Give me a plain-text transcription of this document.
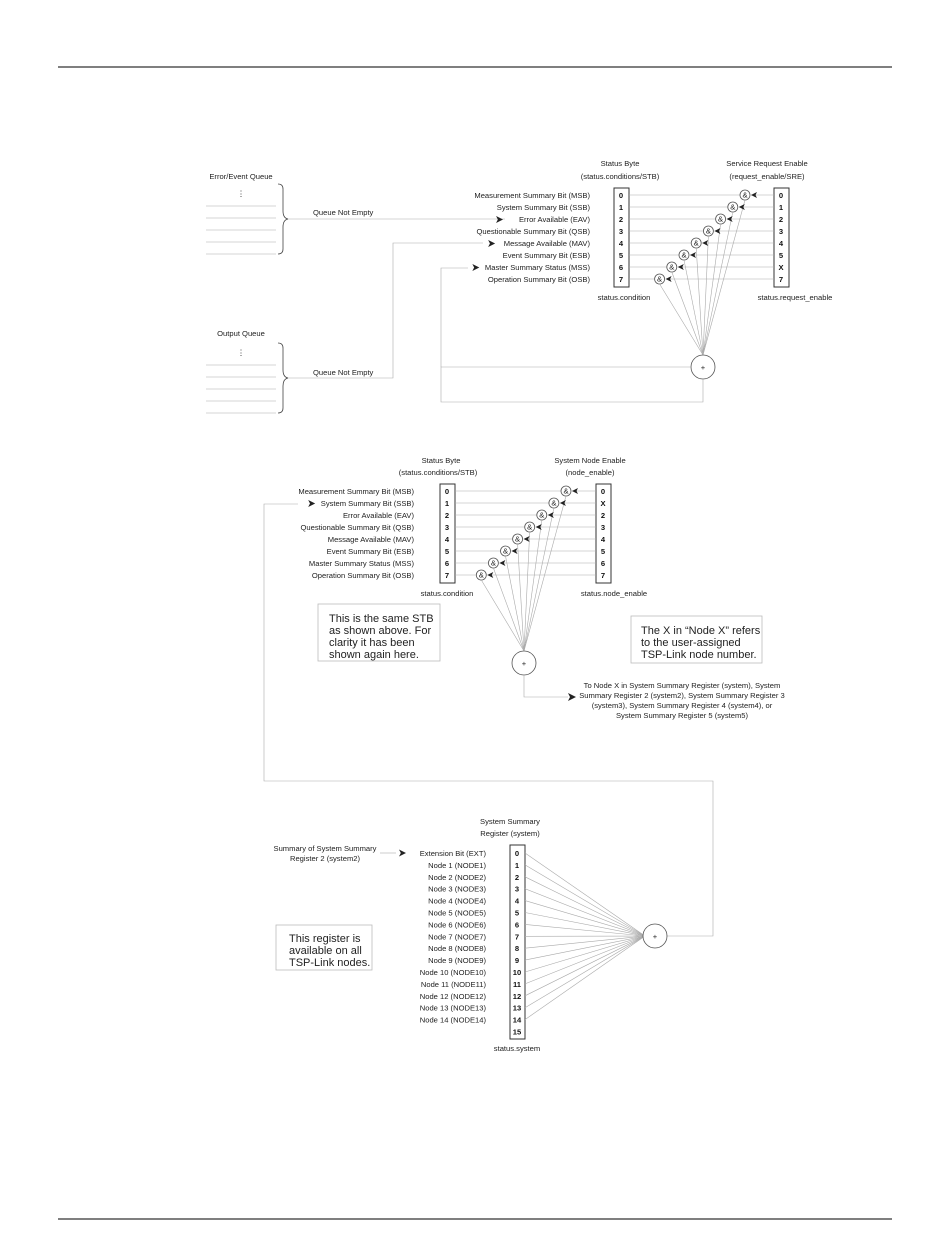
Error/Event Queue
⋮
Queue Not Empty
Output Queue
⋮
Queue Not Empty
Status Byte
(status.conditions/STB)
Service Request Enable
(request_enable/SRE)
Measurement Summary Bit (MSB)	0	0
System Summary Bit (SSB)	1	1
Error Available (EAV)	2	2
Questionable Summary Bit (QSB)	3	3
Message Available (MAV)	4	4
Event Summary Bit (ESB)	5	5
Master Summary Status (MSS)	6	X
Operation Summary Bit (OSB)	7	7
&
&
&
&
&
&
&
&
status.condition	status.request_enable
+
Status Byte
(status.conditions/STB)
System Node Enable
(node_enable)
Measurement Summary Bit (MSB)	0	0
System Summary Bit (SSB)	1	X
Error Available (EAV)	2	2
Questionable Summary Bit (QSB)	3	3
Message Available (MAV)	4	4
Event Summary Bit (ESB)	5	5
Master Summary Status (MSS)	6	6
Operation Summary Bit (OSB)	7	7
&
&
&
&
&
&
&
&
status.condition	status.node_enable
+
This is the same STB
as shown above. For
clarity it has been
shown again here.
The X in “Node X” refers
to the user-assigned
TSP-Link node number.
To Node X in System Summary Register (system), System
Summary Register 2 (system2), System Summary Register 3
(system3), System Summary Register 4 (system4), or
System Summary Register 5 (system5)
System Summary
Register (system)
Summary of System Summary
Register 2 (system2)
Extension Bit (EXT)	0
Node 1 (NODE1)	1
Node 2 (NODE2)	2
Node 3 (NODE3)	3
Node 4 (NODE4)	4
Node 5 (NODE5)	5
Node 6 (NODE6)	6
Node 7 (NODE7)	7
Node 8 (NODE8)	8
Node 9 (NODE9)	9
Node 10 (NODE10)	10
Node 11 (NODE11)	11
Node 12 (NODE12)	12
Node 13 (NODE13)	13
Node 14 (NODE14)	14
15
status.system
+
This register is
available on all
TSP-Link nodes.
